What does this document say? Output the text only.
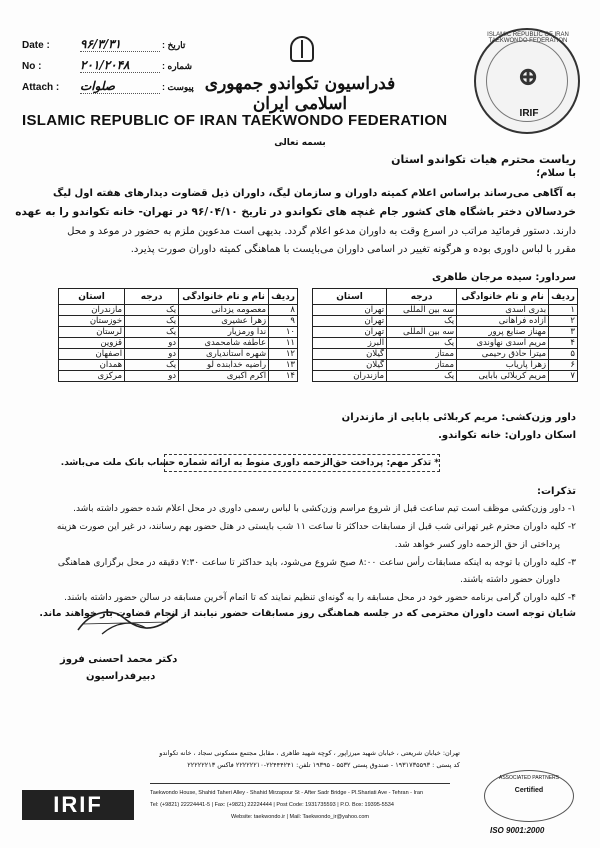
Date :	۹۶/۳/۳۱	: تاریخ
No :	۲۰۱/۲۰۴۸	: شماره
Attach : صلوات	: پیوست فدراسیون تکواندو جمهوری اسلامی ایران
ISLAMIC REPUBLIC OF IRAN TAEKWONDO FEDERATION
ISLAMIC REPUBLIC OF IRAN TAEKWONDO FEDERATION
⊕
IRIF
بسمه تعالی
ریاست محترم هیات تکواندو استان
با سلام؛
به آگاهی می‌رساند براساس اعلام کمیته داوران و سازمان لیگ، داوران ذیل قضاوت دیدارهای هفته اول لیگ
خردسالان دختر باشگاه های کشور جام غنچه های تکواندو در تاریخ ۹۶/۰۴/۱۰ در تهران- خانه تکواندو را به عهده
دارند. دستور فرمائید مراتب در اسرع وقت به داوران مدعو اعلام گردد. بدیهی است مدعوین ملزم به حضور در موعد و محل
مقرر با لباس داوری بوده و هرگونه تغییر در اسامی داوران می‌بایست با هماهنگی کمیته داوران صورت پذیرد.
سرداور: سیده مرجان طاهری
ردیف	نام و نام خانوادگی	درجه	استان
۱	بدری اسدی	سه بین المللی	تهران
۲	آزاده فراهانی	یک	تهران
۳	مهناز صنایع پرور	سه بین المللی	تهران
۴	مریم اسدی نهاوندی	یک	البرز
۵	میترا حاذق رحیمی	ممتاز	گیلان
۶	زهرا پاریاب	ممتاز	گیلان
۷	مریم کربلائی بابایی	یک	مازندران
ردیف	نام و نام خانوادگی	درجه	استان
۸	معصومه یزدانی	یک	مازندران
۹	زهرا عشیری	یک	خوزستان
۱۰	ندا ورمزیار	یک	لرستان
۱۱	عاطفه شامحمدی	دو	قزوین
۱۲	شهره استاندیاری	دو	اصفهان
۱۳	راضیه خدابنده لو	یک	همدان
۱۴	اکرم اکبری	دو	مرکزی
داور وزن‌کشی: مریم کربلائی بابایی از مازندران
اسکان داوران: خانه تکواندو.
* تذکر مهم: پرداخت حق‌الزحمه داوری منوط به ارائه شماره حساب بانک ملت می‌باشد.
تذکرات:
۱- داور وزن‌کشی موظف است تیم ساعت قبل از شروع مراسم وزن‌کشی با لباس رسمی داوری در محل اعلام شده حضور داشته باشد.
۲- کلیه داوران محترم غیر تهرانی شب قبل از مسابقات حداکثر تا ساعت ۱۱ شب بایستی در هتل حضور بهم رسانند، در غیر این صورت هزینه
پرداختی از حق الزحمه داور کسر خواهد شد.
۳- کلیه داوران با توجه به اینکه مسابقات رأس ساعت ۸:۰۰ صبح شروع می‌شود، باید حداکثر تا ساعت ۷:۳۰ دقیقه در محل برگزاری هماهنگی
داوران حضور داشته باشند.
۴- کلیه داوران گرامی برنامه حضور خود در محل مسابقه را به گونه‌ای تنظیم نمایند که تا اتمام آخرین مسابقه در سالن حضور داشته باشند.
شایان توجه است داوران محترمی که در جلسه هماهنگی روز مسابقات حضور نیابند از انجام قضاوت باز خواهند ماند.
دکتر محمد احسنی فروز
دبیرفدراسیون
تهران: خیابان شریعتی ، خیابان شهید میرزاپور ، کوچه شهید طاهری ، مقابل مجتمع مسکونی سجاد ، خانه تکواندو
کد پستی : ۱۹۳۱۷۳۵۵۹۳ - صندوق پستی ۵۵۳۲ - ۱۹۳۹۵ تلفن: ۲۲۴۴۴۲۴۱-۲۲۲۲۲۲۱۰ فاکس ۲۲۲۲۲۲۱۳
Taekwondo House, Shahid Taheri Alley - Shahid Mirzapour St - After Sadr Bridge - Pl.Shariati Ave - Tehran - Iran
Tel: (+9821) 22224441-5 | Fax: (+9821) 22224444 | Post Code: 1931735593 | P.O. Box: 19395-5534
Website: taekwondo.ir | Mail: Taekwondo_ir@yahoo.com
IRIF
ASSOCIATED PARTNERS
Certified
ISO 9001:2000
